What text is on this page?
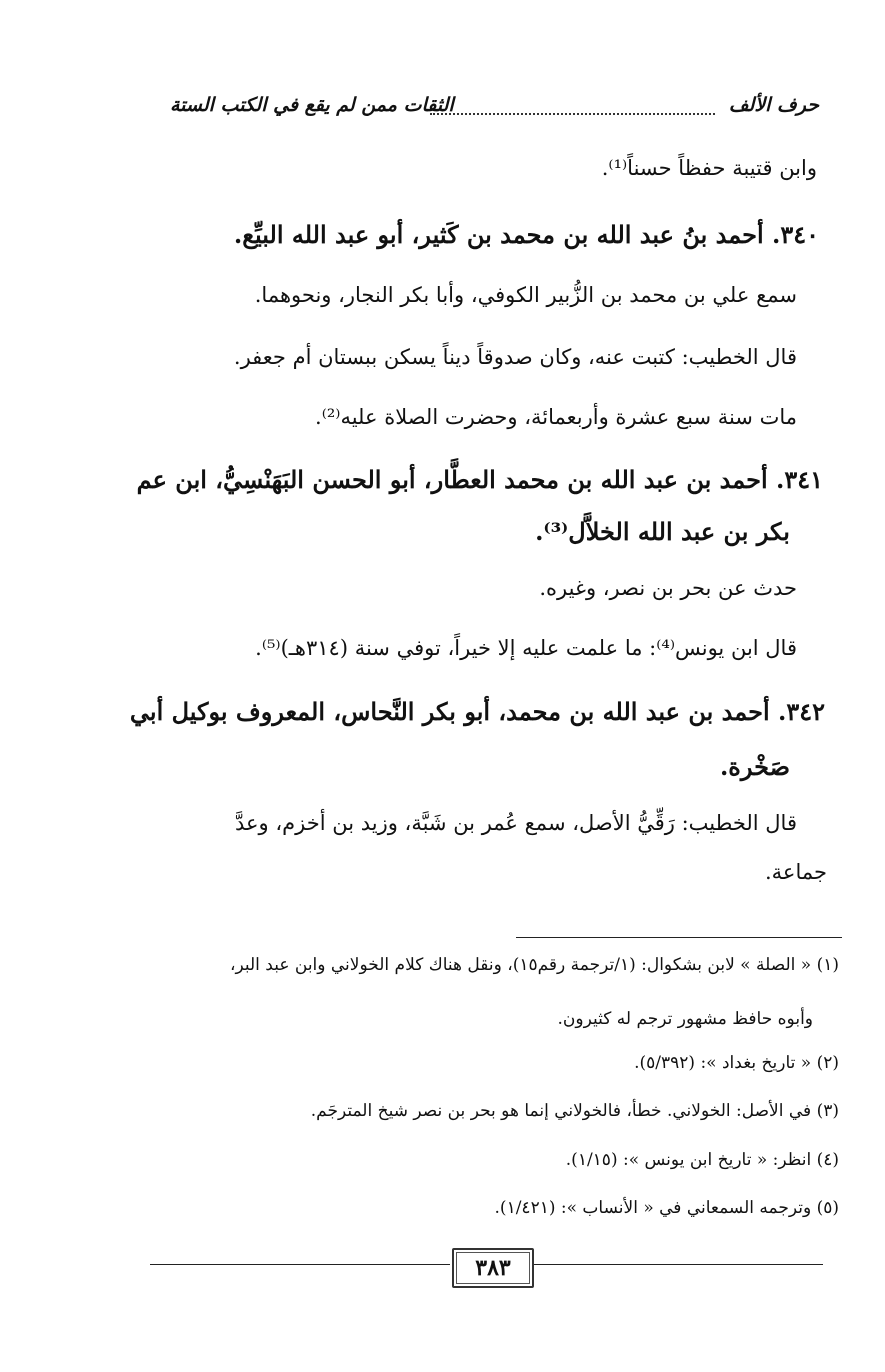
حرف الألف
الثقات ممن لم يقع في الكتب الستة
وابن قتيبة حفظاً حسناً⁽¹⁾.
٣٤٠. أحمد بنُ عبد الله بن محمد بن كَثير، أبو عبد الله البيِّع.
سمع علي بن محمد بن الزُّبير الكوفي، وأبا بكر النجار، ونحوهما.
قال الخطيب: كتبت عنه، وكان صدوقاً ديناً يسكن ببستان أم جعفر.
مات سنة سبع عشرة وأربعمائة، وحضرت الصلاة عليه⁽²⁾.
٣٤١. أحمد بن عبد الله بن محمد العطَّار، أبو الحسن البَهَنْسِيُّ، ابن عم
بكر بن عبد الله الخلاَّل⁽³⁾.
حدث عن بحر بن نصر، وغيره.
قال ابن يونس⁽⁴⁾: ما علمت عليه إلا خيراً، توفي سنة (٣١٤هـ)⁽⁵⁾.
٣٤٢. أحمد بن عبد الله بن محمد، أبو بكر النَّحاس، المعروف بوكيل أبي
صَخْرة.
قال الخطيب: رَقِّيُّ الأصل، سمع عُمر بن شَبَّة، وزيد بن أخزم، وعدَّ
جماعة.
(١) « الصلة » لابن بشكوال: (١/ترجمة رقم١٥)، ونقل هناك كلام الخولاني وابن عبد البر،
وأبوه حافظ مشهور ترجم له كثيرون.
(٢) « تاريخ بغداد »: (٥/٣٩٢).
(٣) في الأصل: الخولاني. خطأ، فالخولاني إنما هو بحر بن نصر شيخ المترجَم.
(٤) انظر: « تاريخ ابن يونس »: (١/١٥).
(٥) وترجمه السمعاني في « الأنساب »: (١/٤٢١).
٣٨٣
